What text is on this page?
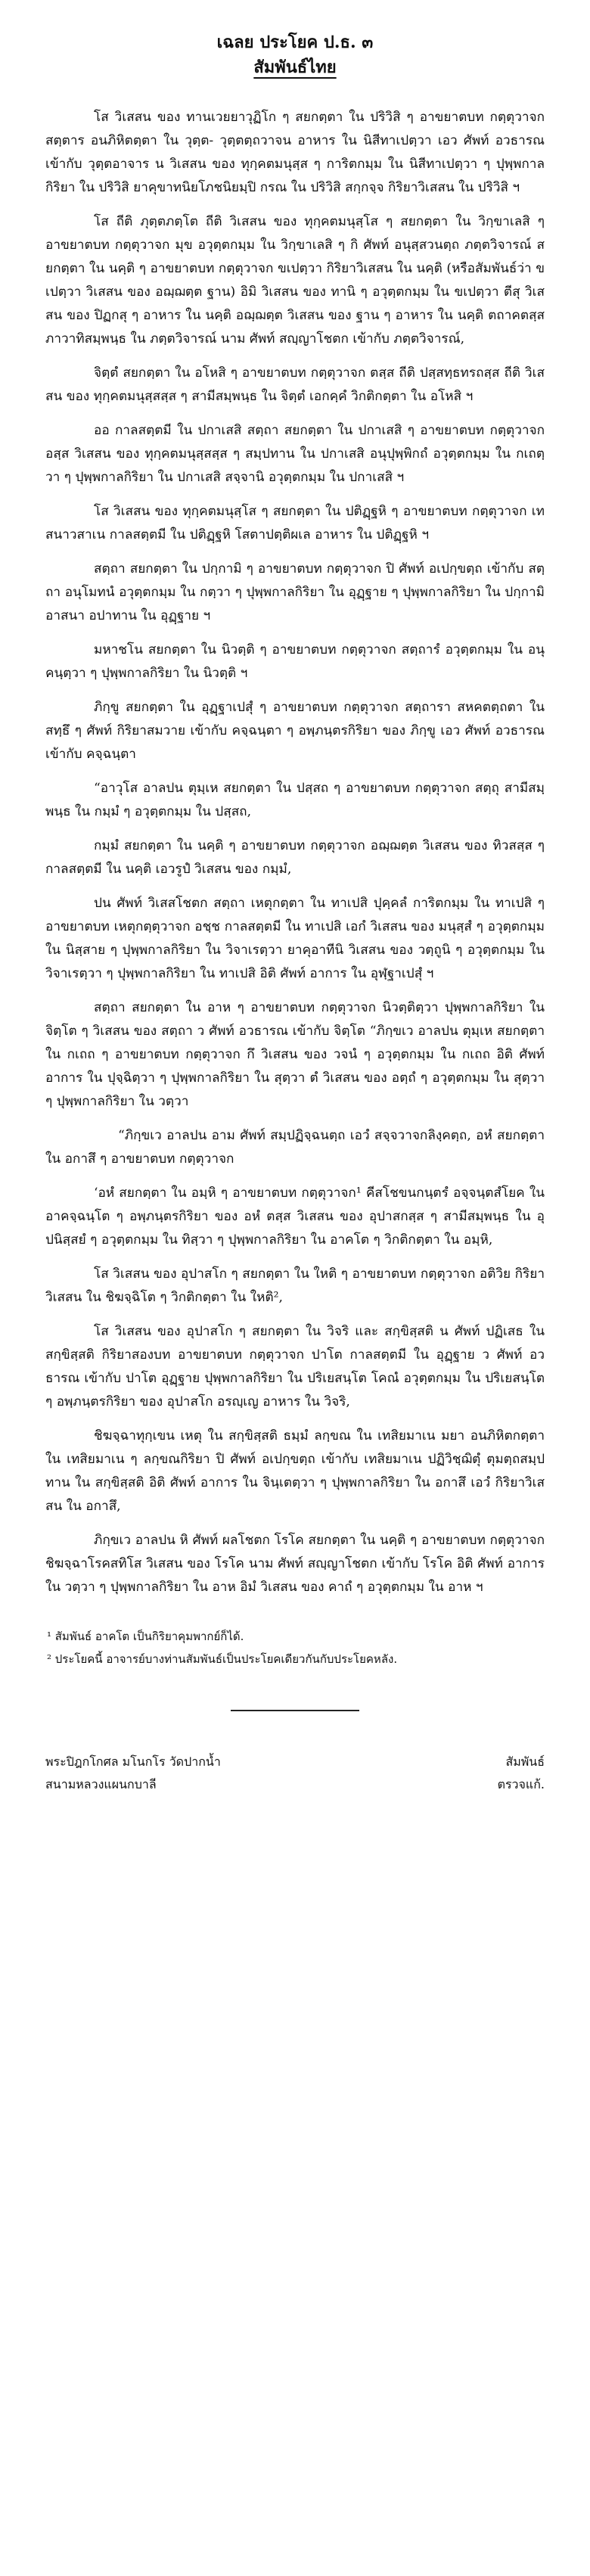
เฉลย ประโยค ป.ธ. ๓
สัมพันธ์ไทย

โส วิเสสน ของ ทานเวยยาวุฏิโก ๆ สยกตฺตา ใน ปริวิสิ ๆ อาขยาตบท กตฺตุวาจก สตฺตาร อนภิหิตตฺตา ใน วุตฺต- วุตฺตตฺถวาจน อาหาร ใน นิสีทาเปตฺวา เอว ศัพท์ อวธารณ เข้ากับ วุตฺตอาจาร น วิเสสน ของ ทุกฺคตมนุสฺส ๆ การิตกมฺม ใน นิสีทาเปตฺวา ๆ ปุพฺพกาลกิริยา ใน ปริวิสิ ยาคุขาทนิยโภชนิยมฺปิ กรณ ใน ปริวิสิ สกฺกจฺจ กิริยาวิเสสน ใน ปริวิสิ ฯ

โส ถีติ ภุตฺตภตฺโต ถีติ วิเสสน ของ ทุกฺคตมนุสฺโส ๆ สยกตฺตา ใน วิกฺขาเลสิ ๆ อาขยาตบท กตฺตุวาจก มุข อวุตฺตกมฺม ใน วิกฺขาเลสิ ๆ กิ ศัพท์ อนุสฺสวนตฺถ ภตฺตวิจารณ์ สยกตฺตา ใน นคฺติ ๆ อาขยาตบท กตฺตุวาจก ขเปตฺวา กิริยาวิเสสน ใน นคฺติ (หรือสัมพันธ์ว่า ขเปตฺวา วิเสสน ของ อฌฺฌตฺต ฐาน) อิมิ วิเสสน ของ ทานิ ๆ อวุตฺตกมฺม ใน ขเปตฺวา ตีสุ วิเสสน ของ ปิฏกสุ ๆ อาหาร ใน นคฺติ อฌฺฌตฺต วิเสสน ของ ฐาน ๆ อาหาร ใน นคฺติ ตถาคตสฺส ภาวาทิสมฺพนฺธ ใน ภตฺตวิจารณ์ นาม ศัพท์ สญฺญาโชตก เข้ากับ ภตฺตวิจารณ์,

จิตฺตํ สยกตฺตา ใน อโหสิ ๆ อาขยาตบท กตฺตุวาจก ตสฺส ถีติ ปสฺสทฺธทรถสฺส ถีติ วิเสสน ของ ทุกฺคตมนุสฺสสฺส ๆ สามีสมฺพนฺธ ใน จิตฺตํ เอกคฺคํ วิกติกตฺตา ใน อโหสิ ฯ

ออ กาลสตฺตมี ใน ปกาเสสิ สตฺถา สยกตฺตา ใน ปกาเสสิ ๆ อาขยาตบท กตฺตุวาจก อสฺส วิเสสน ของ ทุกฺคตมนุสฺสสฺส ๆ สมฺปทาน ใน ปกาเสสิ อนุปุพฺพิกถํ อวุตฺตกมฺม ใน กเถตฺวา ๆ ปุพฺพกาลกิริยา ใน ปกาเสสิ สจฺจานิ อวุตฺตกมฺม ใน ปกาเสสิ ฯ

โส วิเสสน ของ ทุกฺคตมนุสฺโส ๆ สยกตฺตา ใน ปติฏฺฐหิ ๆ อาขยาตบท กตฺตุวาจก เทสนาวสาเน กาลสตฺตมี ใน ปติฏฺฐหิ โสตาปตฺติผเล อาหาร ใน ปติฏฺฐหิ ฯ

สตฺถา สยกตฺตา ใน ปกฺกามิ ๆ อาขยาตบท กตฺตุวาจก ปิ ศัพท์ อเปกฺขตฺถ เข้ากับ สตฺถา อนุโมทนํ อวุตฺตกมฺม ใน กตฺวา ๆ ปุพฺพกาลกิริยา ใน อุฏฺฐาย ๆ ปุพฺพกาลกิริยา ใน ปกฺกามิ อาสนา อปาทาน ใน อุฏฺฐาย ฯ

มหาชโน สยกตฺตา ใน นิวตฺติ ๆ อาขยาตบท กตฺตุวาจก สตฺถารํ อวุตฺตกมฺม ใน อนุคนฺตฺวา ๆ ปุพฺพกาลกิริยา ใน นิวตฺติ ฯ

ภิกฺขู สยกตฺตา ใน อุฏฺฐาเปสุํ ๆ อาขยาตบท กตฺตุวาจก สตฺถารา สหคตตฺถตา ใน สทฺธึ ๆ ศัพท์ กิริยาสมวาย เข้ากับ คจฺฉนฺตา ๆ อพฺภนฺตรกิริยา ของ ภิกฺขู เอว ศัพท์ อวธารณ เข้ากับ คจฺฉนฺตา

“อาวุโส อาลปน ตุมฺเห สยกตฺตา ใน ปสฺสถ ๆ อาขยาตบท กตฺตุวาจก สตฺถุ สามีสมฺพนฺธ ใน กมฺมํ ๆ อวุตฺตกมฺม ใน ปสฺสถ,

กมฺมํ สยกตฺตา ใน นคฺติ ๆ อาขยาตบท กตฺตุวาจก อฌฺฌตฺต วิเสสน ของ ทิวสสฺส ๆ กาลสตฺตมี ใน นคฺติ เอวรูปํ วิเสสน ของ กมฺมํ,

ปน ศัพท์ วิเสสโชตก สตฺถา เหตุกตฺตา ใน ทาเปสิ ปุคฺคลํ การิตกมฺม ใน ทาเปสิ ๆ อาขยาตบท เหตุกตฺตุวาจก อชฺช กาลสตฺตมี ใน ทาเปสิ เอกํ วิเสสน ของ มนุสฺสํ ๆ อวุตฺตกมฺม ใน นิสฺสาย ๆ ปุพฺพกาลกิริยา ใน วิจาเรตฺวา ยาคุอาทีนิ วิเสสน ของ วตฺถูนิ ๆ อวุตฺตกมฺม ใน วิจาเรตฺวา ๆ ปุพฺพกาลกิริยา ใน ทาเปสิ อิติ ศัพท์ อาการ ใน อุฬฺฐาเปสุํ ฯ

สตฺถา สยกตฺตา ใน อาห ๆ อาขยาตบท กตฺตุวาจก นิวตฺติตฺวา ปุพฺพกาลกิริยา ใน จิตฺโต ๆ วิเสสน ของ สตฺถา ว ศัพท์ อวธารณ เข้ากับ จิตฺโต “ภิกฺขเว อาลปน ตุมฺเห สยกตฺตา ใน กเถถ ๆ อาขยาตบท กตฺตุวาจก กึ วิเสสน ของ วจนํ ๆ อวุตฺตกมฺม ใน กเถถ อิติ ศัพท์ อาการ ใน ปุจฺฉิตฺวา ๆ ปุพฺพกาลกิริยา ใน สุตฺวา ตํ วิเสสน ของ อตฺถํ ๆ อวุตฺตกมฺม ใน สุตฺวา ๆ ปุพฺพกาลกิริยา ใน วตฺวา

“ภิกฺขเว อาลปน อาม ศัพท์ สมฺปฏิจฺฉนตฺถ เอวํ สจฺจวาจกลิงฺคตฺถ, อหํ สยกตฺตา ใน อกาสึ ๆ อาขยาตบท กตฺตุวาจก

‘อหํ สยกตฺตา ใน อมฺหิ ๆ อาขยาตบท กตฺตุวาจก¹ คีสโชขนกนฺตรํ อจฺจนฺตสํโยค ใน อาคจฺฉนฺโต ๆ อพฺภนฺตรกิริยา ของ อหํ ตสฺส วิเสสน ของ อุปาสกสฺส ๆ สามีสมฺพนฺธ ใน อุปนิสฺสยํ ๆ อวุตฺตกมฺม ใน ทิสฺวา ๆ ปุพฺพกาลกิริยา ใน อาคโต ๆ วิกติกตฺตา ใน อมฺหิ,

โส วิเสสน ของ อุปาสโก ๆ สยกตฺตา ใน ใหติ ๆ อาขยาตบท กตฺตุวาจก อติวิย กิริยาวิเสสน ใน ชิฆจฺฉิโต ๆ วิกติกตฺตา ใน ใหติ²,

โส วิเสสน ของ อุปาสโก ๆ สยกตฺตา ใน วิจริ และ สกฺขิสฺสติ น ศัพท์ ปฏิเสธ ใน สกฺขิสฺสติ กิริยาสองบท อาขยาตบท กตฺตุวาจก ปาโต กาลสตฺตมี ใน อุฏฺฐาย ว ศัพท์ อวธารณ เข้ากับ ปาโต อุฏฺฐาย ปุพฺพกาลกิริยา ใน ปริเยสนฺโต โคณํ อวุตฺตกมฺม ใน ปริเยสนฺโต ๆ อพฺภนฺตรกิริยา ของ อุปาสโก อรญฺเญ อาหาร ใน วิจริ,

ชิฆจฺฉาทุกฺเขน เหตุ ใน สกฺขิสฺสติ ธมฺมํ ลกฺขณ ใน เทสิยมาเน มยา อนภิหิตกตฺตา ใน เทสิยมาเน ๆ ลกฺขณกิริยา ปิ ศัพท์ อเปกฺขตฺถ เข้ากับ เทสิยมาเน ปฏิวิชฺฌิตุํ ตุมตฺถสมฺปทาน ใน สกฺขิสฺสติ อิติ ศัพท์ อาการ ใน จินฺเตตฺวา ๆ ปุพฺพกาลกิริยา ใน อกาสึ เอวํ กิริยาวิเสสน ใน อกาสึ,

ภิกฺขเว อาลปน หิ ศัพท์ ผลโชตก โรโค สยกตฺตา ใน นคฺติ ๆ อาขยาตบท กตฺตุวาจก ชิฆจฺฉาโรคสทิโส วิเสสน ของ โรโค นาม ศัพท์ สญฺญาโชตก เข้ากับ โรโค อิติ ศัพท์ อาการ ใน วตฺวา ๆ ปุพฺพกาลกิริยา ใน อาห อิมํ วิเสสน ของ คาถํ ๆ อวุตฺตกมฺม ใน อาห ฯ

¹ สัมพันธ์ อาคโต เป็นกิริยาคุมพากย์ก็ได้.
² ประโยคนี้ อาจารย์บางท่านสัมพันธ์เป็นประโยคเดียวกันกับประโยคหลัง.
พระปิฎกโกศล มโนกโร วัดปากน้ำ
สนามหลวงแผนกบาลี
สัมพันธ์
ตรวจแก้.
